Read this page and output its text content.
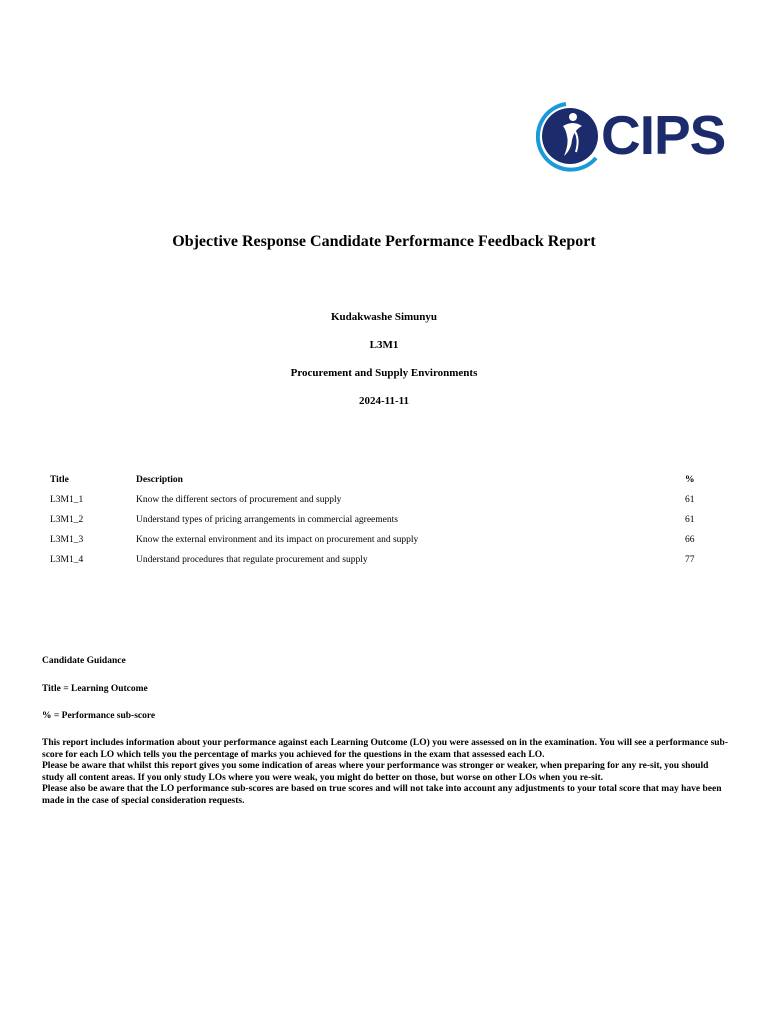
CIPS
Objective Response Candidate Performance Feedback Report
Kudakwashe Simunyu
L3M1
Procurement and Supply Environments
2024-11-11
Title	Description	%
L3M1_1	Know the different sectors of procurement and supply	61
L3M1_2	Understand types of pricing arrangements in commercial agreements	61
L3M1_3	Know the external environment and its impact on procurement and supply	66
L3M1_4	Understand procedures that regulate procurement and supply	77
Candidate Guidance
Title = Learning Outcome
% = Performance sub-score

This report includes information about your performance against each Learning Outcome (LO) you were assessed on in the examination. You will see a performance sub-score for each LO which tells you the percentage of marks you achieved for the questions in the exam that assessed each LO.

Please be aware that whilst this report gives you some indication of areas where your performance was stronger or weaker, when preparing for any re-sit, you should study all content areas. If you only study LOs where you were weak, you might do better on those, but worse on other LOs when you re-sit.

Please also be aware that the LO performance sub-scores are based on true scores and will not take into account any adjustments to your total score that may have been made in the case of special consideration requests.
